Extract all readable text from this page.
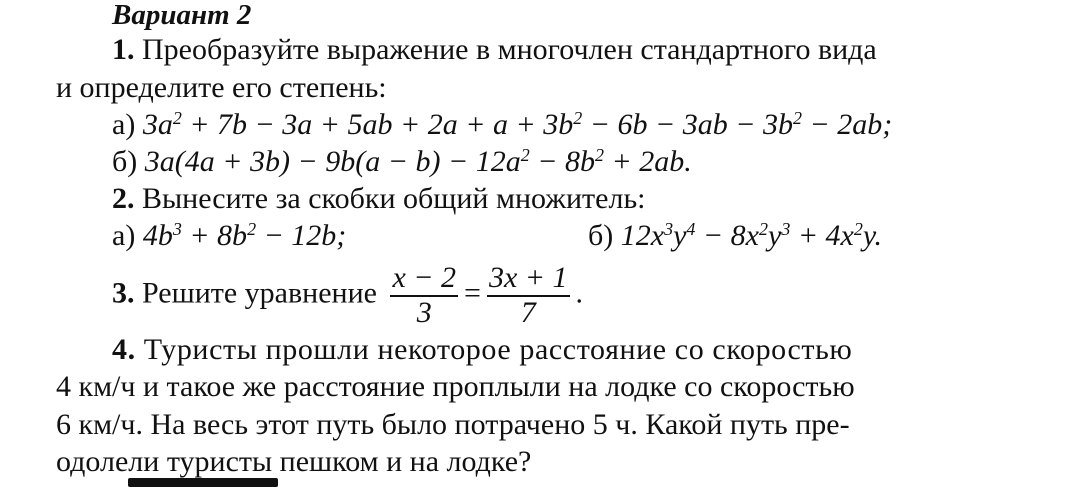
Вариант 2
1. Преобразуйте выражение в многочлен стандартного вида
и определите его степень:
а) $3a^2 + 7b - 3a + 5ab + 2a + a + 3b^2 - 6b - 3ab - 3b^2 - 2ab$;
б) $3a(4a + 3b) - 9b(a - b) - 12a^2 - 8b^2 + 2ab$.
2. Вынесите за скобки общий множитель:
а) $4b^3 + 8b^2 - 12b$;	б) $12x^3y^4 - 8x^2y^3 + 4x^2y$.
3. Решите уравнение $\frac{x - 2}{3} = \frac{3x + 1}{7}$ .
4. Туристы прошли некоторое расстояние со скоростью
4 км/ч и такое же расстояние проплыли на лодке со скоростью
6 км/ч. На весь этот путь было потрачено 5 ч. Какой путь пре-
одолели туристы пешком и на лодке?
